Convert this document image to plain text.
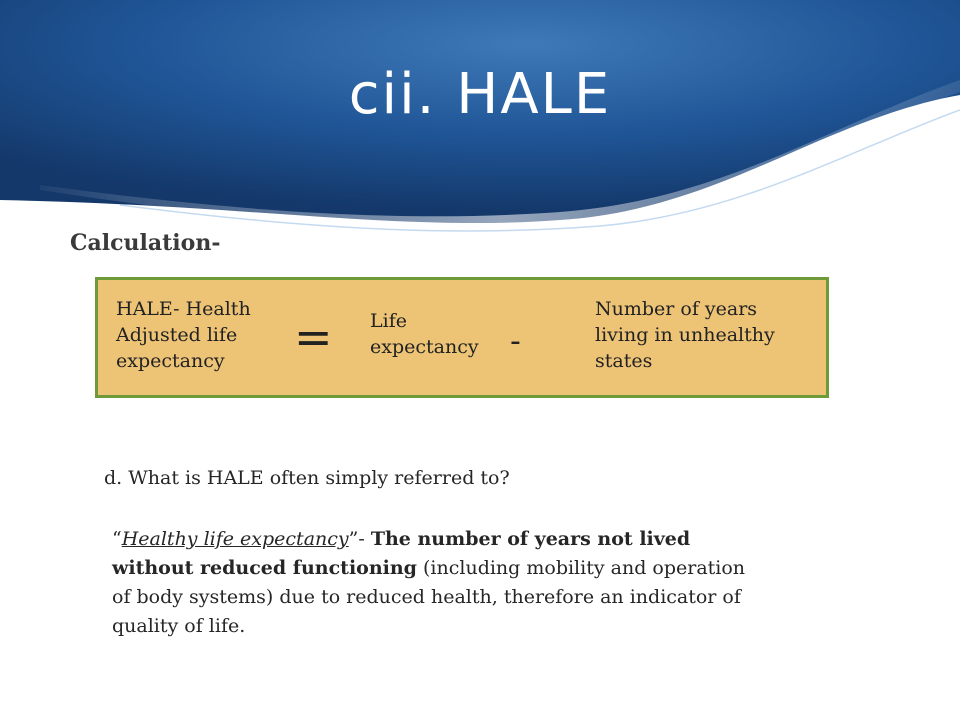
cii. HALE
Calculation-
HALE- Health Adjusted life expectancy	= Life expectancy	-
Number of years living in unhealthy states
d. What is HALE often simply referred to?
“Healthy life expectancy”- The number of years not lived without reduced functioning (including mobility and operation of body systems) due to reduced health, therefore an indicator of quality of life.
